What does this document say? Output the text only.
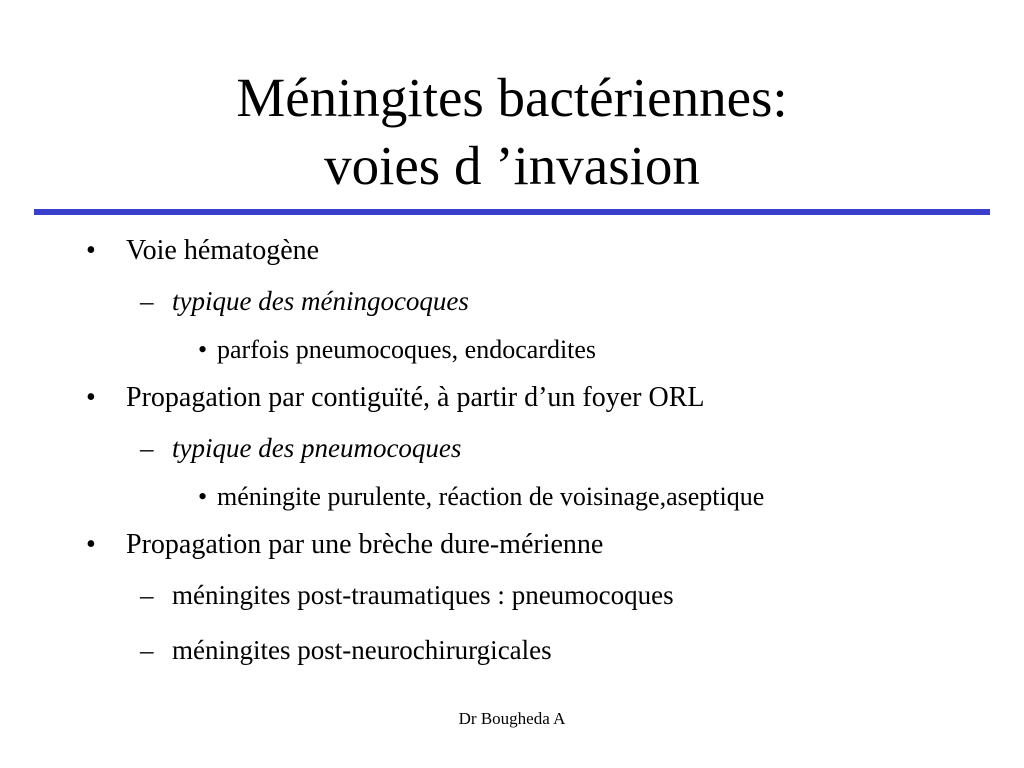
Méningites bactériennes:
voies d ’invasion
• Voie hématogène
– typique des méningocoques
• parfois pneumocoques, endocardites
• Propagation par contiguïté, à partir d’un foyer ORL
– typique des pneumocoques
• méningite purulente, réaction de voisinage,aseptique
• Propagation par une brèche dure-mérienne
– méningites post-traumatiques : pneumocoques
– méningites post-neurochirurgicales
Dr Bougheda A
